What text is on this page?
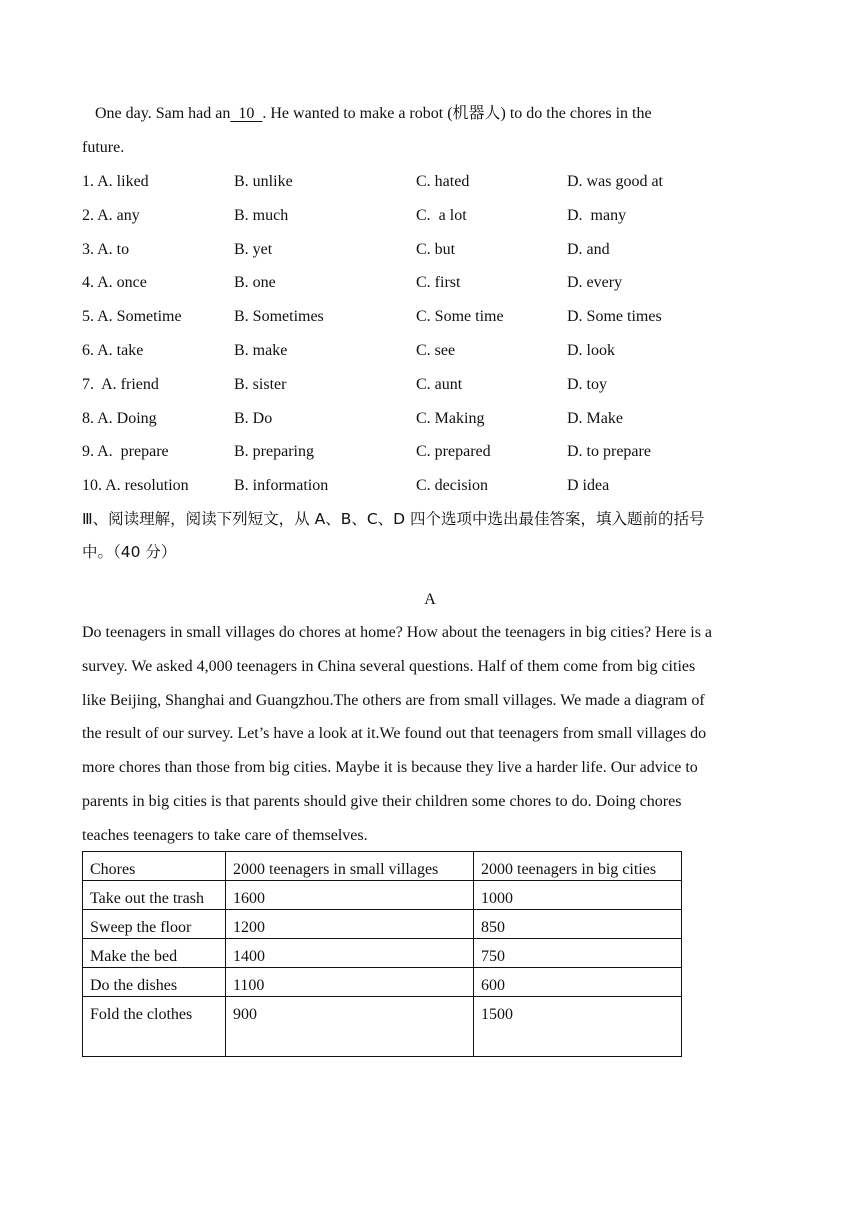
One day. Sam had an  10  . He wanted to make a robot (机器人) to do the chores in the
future.
1. A. liked	B. unlike	C. hated	D. was good at
2. A. any	B. much	C.  a lot	D.  many
3. A. to	B. yet	C. but	D. and
4. A. once	B. one	C. first	D. every
5. A. Sometime	B. Sometimes	C. Some time	D. Some times
6. A. take	B. make	C. see	D. look
7.  A. friend	B. sister	C. aunt	D. toy
8. A. Doing	B. Do	C. Making	D. Make
9. A.  prepare	B. preparing	C. prepared	D. to prepare
10. A. resolution	B. information	C. decision	D idea
Ⅲ、阅读理解，阅读下列短文，从 A、B、C、D 四个选项中选出最佳答案，填入题前的括号
中。（40 分）
A
Do teenagers in small villages do chores at home? How about the teenagers in big cities? Here is a
survey. We asked 4,000 teenagers in China several questions. Half of them come from big cities
like Beijing, Shanghai and Guangzhou.The others are from small villages. We made a diagram of
the result of our survey. Let’s have a look at it.We found out that teenagers from small villages do
more chores than those from big cities. Maybe it is because they live a harder life. Our advice to
parents in big cities is that parents should give their children some chores to do. Doing chores
teaches teenagers to take care of themselves.
Chores	2000 teenagers in small villages	2000 teenagers in big cities
Take out the trash	1600	1000
Sweep the floor	1200	850
Make the bed	1400	750
Do the dishes	1100	600
Fold the clothes	900	1500
